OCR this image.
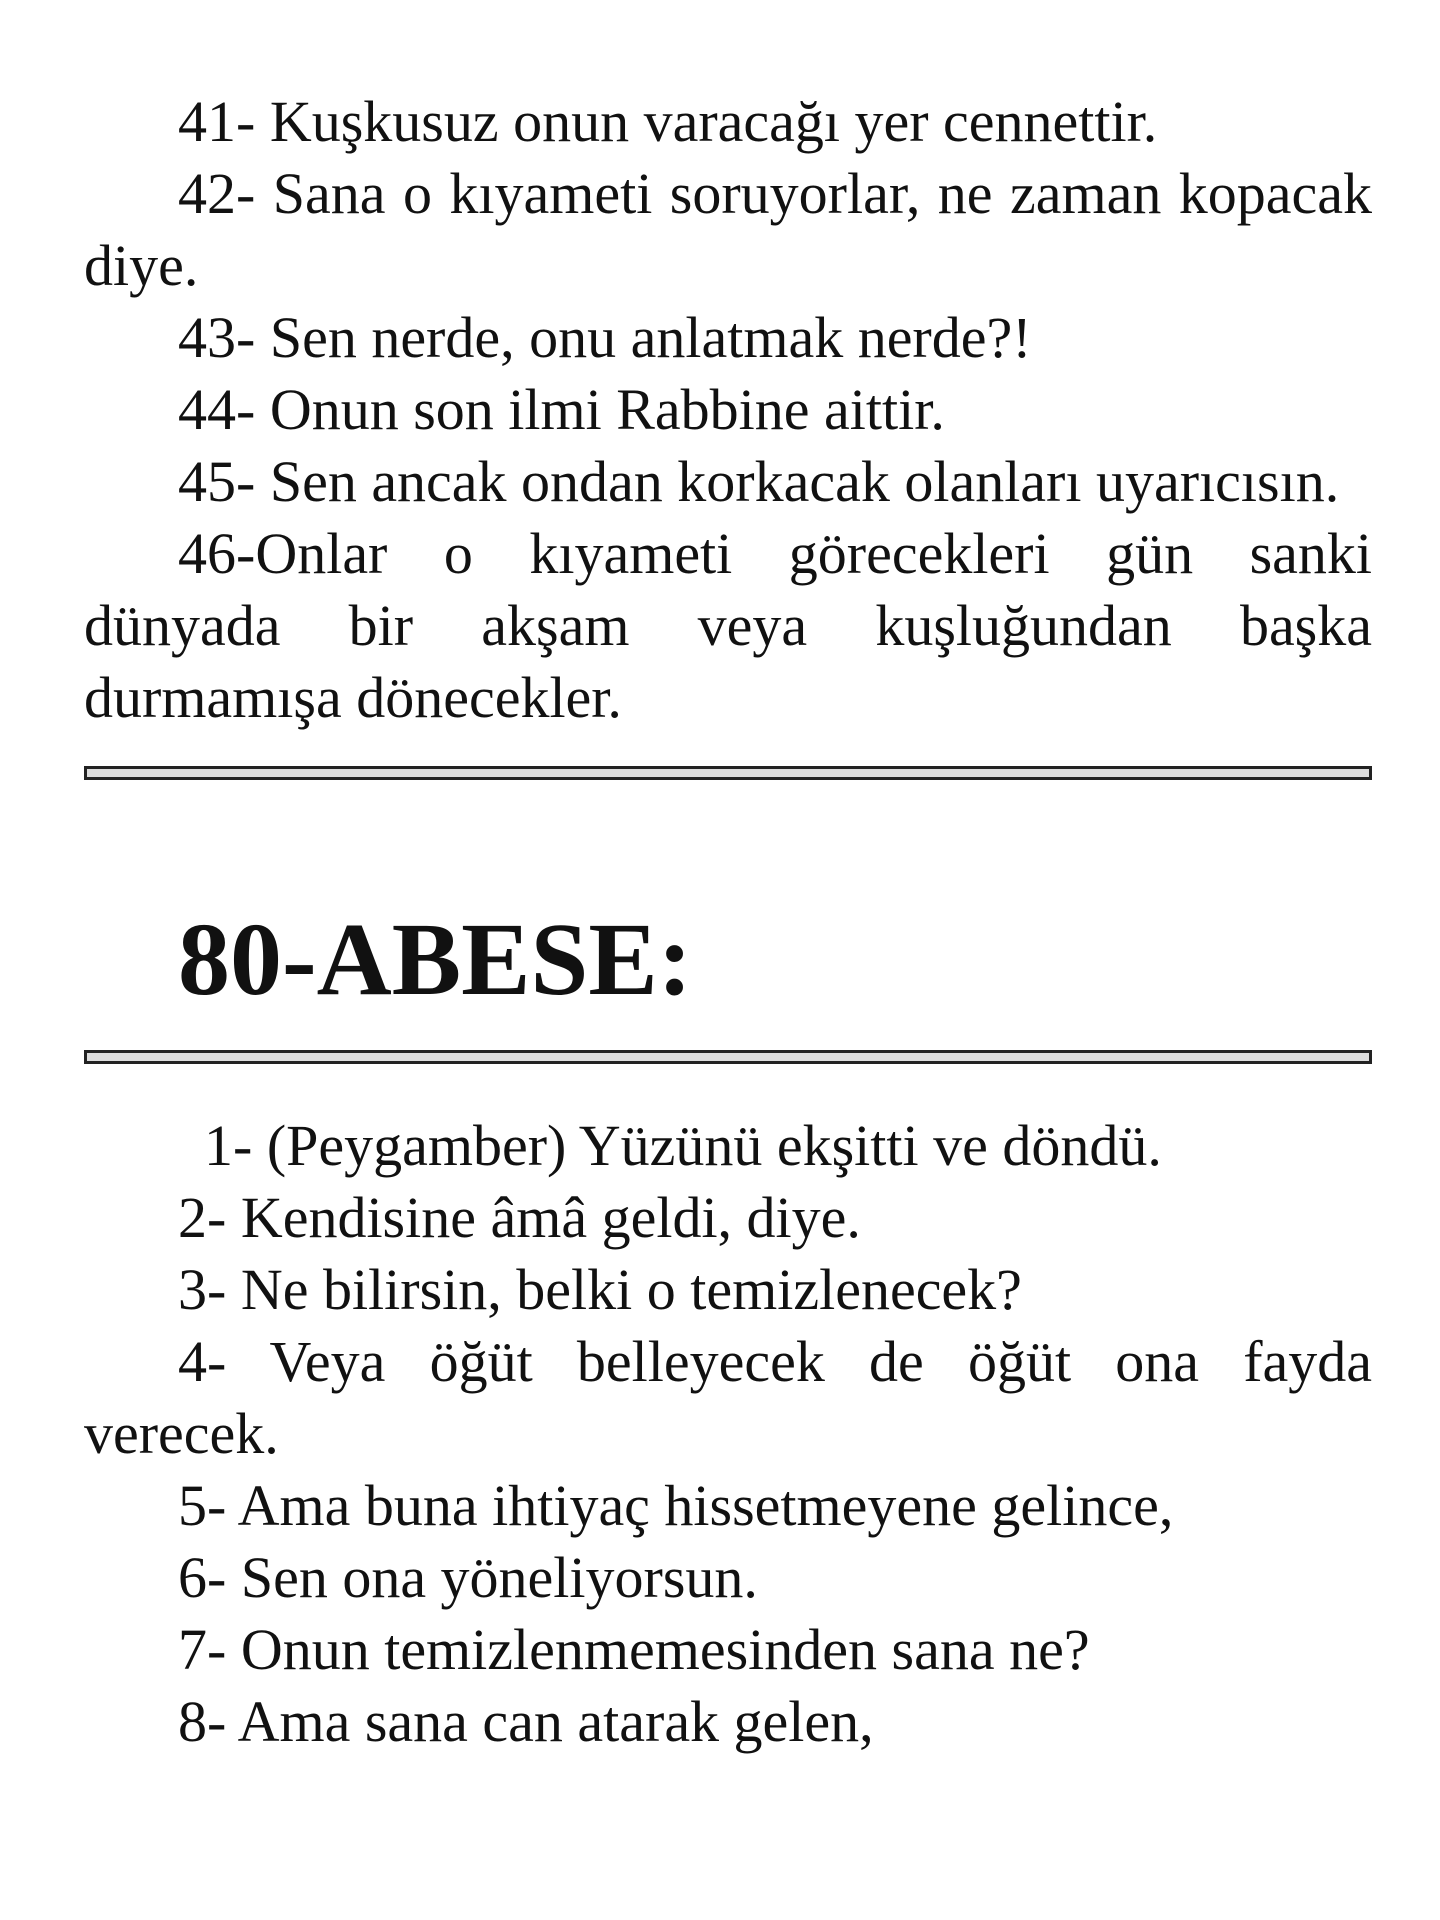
41- Kuşkusuz onun varacağı yer cennettir.

42- Sana o kıyameti soruyorlar, ne zaman kopacak diye.

43- Sen nerde, onu anlatmak nerde?!

44- Onun son ilmi Rabbine aittir.

45- Sen ancak ondan korkacak olanları uyarıcısın.

46-Onlar o kıyameti görecekleri gün sanki dünyada bir akşam veya kuşluğundan başka durmamışa dönecekler.

80-ABESE:

1- (Peygamber) Yüzünü ekşitti ve döndü.

2- Kendisine âmâ geldi, diye.

3- Ne bilirsin, belki o temizlenecek?

4- Veya öğüt belleyecek de öğüt ona fayda verecek.

5- Ama buna ihtiyaç hissetmeyene gelince,

6- Sen ona yöneliyorsun.

7- Onun temizlenmemesinden sana ne?

8- Ama sana can atarak gelen,
